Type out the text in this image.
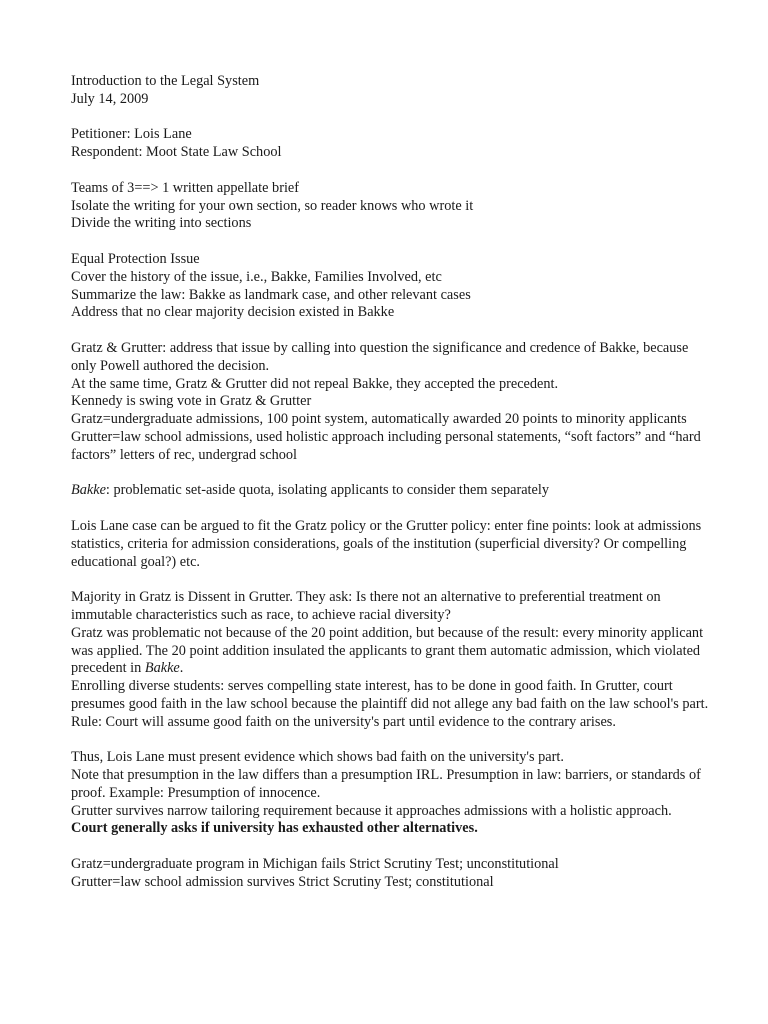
Introduction to the Legal System
July 14, 2009
Petitioner: Lois Lane
Respondent: Moot State Law School
Teams of 3==> 1 written appellate brief
Isolate the writing for your own section, so reader knows who wrote it
Divide the writing into sections
Equal Protection Issue
Cover the history of the issue, i.e., Bakke, Families Involved, etc
Summarize the law: Bakke as landmark case, and other relevant cases
Address that no clear majority decision existed in Bakke
Gratz & Grutter: address that issue by calling into question the significance and credence of Bakke, because only Powell authored the decision.
At the same time, Gratz & Grutter did not repeal Bakke, they accepted the precedent.
Kennedy is swing vote in Gratz & Grutter
Gratz=undergraduate admissions, 100 point system, automatically awarded 20 points to minority applicants
Grutter=law school admissions, used holistic approach including personal statements, “soft factors” and “hard factors” letters of rec, undergrad school
Bakke: problematic set-aside quota, isolating applicants to consider them separately
Lois Lane case can be argued to fit the Gratz policy or the Grutter policy: enter fine points: look at admissions statistics, criteria for admission considerations, goals of the institution (superficial diversity? Or compelling educational goal?) etc.
Majority in Gratz is Dissent in Grutter. They ask: Is there not an alternative to preferential treatment on immutable characteristics such as race, to achieve racial diversity?
Gratz was problematic not because of the 20 point addition, but because of the result: every minority applicant was applied. The 20 point addition insulated the applicants to grant them automatic admission, which violated precedent in Bakke.
Enrolling diverse students: serves compelling state interest, has to be done in good faith. In Grutter, court presumes good faith in the law school because the plaintiff did not allege any bad faith on the law school's part.
Rule: Court will assume good faith on the university's part until evidence to the contrary arises.
Thus, Lois Lane must present evidence which shows bad faith on the university's part.
Note that presumption in the law differs than a presumption IRL. Presumption in law: barriers, or standards of proof. Example: Presumption of innocence.
Grutter survives narrow tailoring requirement because it approaches admissions with a holistic approach. Court generally asks if university has exhausted other alternatives.
Gratz=undergraduate program in Michigan fails Strict Scrutiny Test; unconstitutional
Grutter=law school admission survives Strict Scrutiny Test; constitutional
